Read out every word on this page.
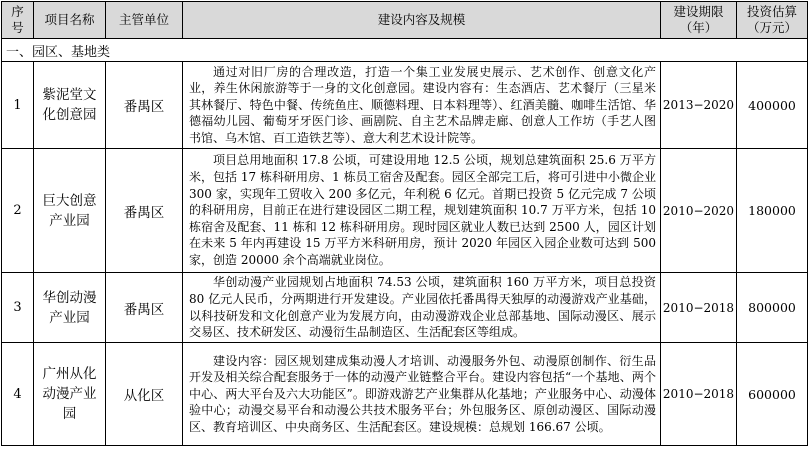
序
号	项目名称	主管单位	建设内容及规模	建设期限
（年）	投资估算
（万元）
一、园区、基地类					
1	紫泥堂文化创意园	番禺区	通过对旧厂房的合理改造，打造一个集工业发展史展示、艺术创作、创意文化产业，养生休闲旅游等于一身的文化创意园。建设内容有：生态酒店、艺术餐厅（三星米其林餐厅、特色中餐、传统鱼庄、顺德料理、日本料理等）、红酒美髓、咖啡生活馆、华德福幼儿园、葡萄牙牙医门诊、画剧院、自主艺术品牌走廊、创意人工作坊（手艺人图书馆、乌木馆、百工造铁艺等）、意大利艺术设计院等。	2013−2020	400000
2	巨大创意产业园	番禺区	项目总用地面积 17.8 公顷，可建设用地 12.5 公顷，规划总建筑面积 25.6 万平方米，包括 17 栋科研用房、1 栋员工宿舍及配套。园区全部完工后，将可引进中小微企业 300 家，实现年工贸收入 200 多亿元，年利税 6 亿元。首期已投资 5 亿元完成 7 公顷的科研用房，目前正在进行建设园区二期工程，规划建筑面积 10.7 万平方米，包括 10 栋宿舍及配套、11 栋和 12 栋科研用房。现时园区就业人数已达到 2500 人，园区计划在未来 5 年内再建设 15 万平方米科研用房，预计 2020 年园区入园企业数可达到 500 家，创造 20000 余个高端就业岗位。	2010−2020	180000
3	华创动漫产业园	番禺区	华创动漫产业园规划占地面积 74.53 公顷，建筑面积 160 万平方米，项目总投资 80 亿元人民币，分两期进行开发建设。产业园依托番禺得天独厚的动漫游戏产业基础，以科技研发和文化创意产业为发展方向，由动漫游戏企业总部基地、国际动漫区、展示交易区、技术研发区、动漫衍生品制造区、生活配套区等组成。	2010−2018	800000
4	广州从化动漫产业园	从化区	建设内容：园区规划建成集动漫人才培训、动漫服务外包、动漫原创制作、衍生品开发及相关综合配套服务于一体的动漫产业链整合平台。建设内容包括“一个基地、两个中心、两大平台及六大功能区”。即游戏游艺产业集群从化基地；产业服务中心、动漫体验中心；动漫交易平台和动漫公共技术服务平台；外包服务区、原创动漫区、国际动漫区、教育培训区、中央商务区、生活配套区。建设规模：总规划 166.67 公顷。	2010−2018	600000
